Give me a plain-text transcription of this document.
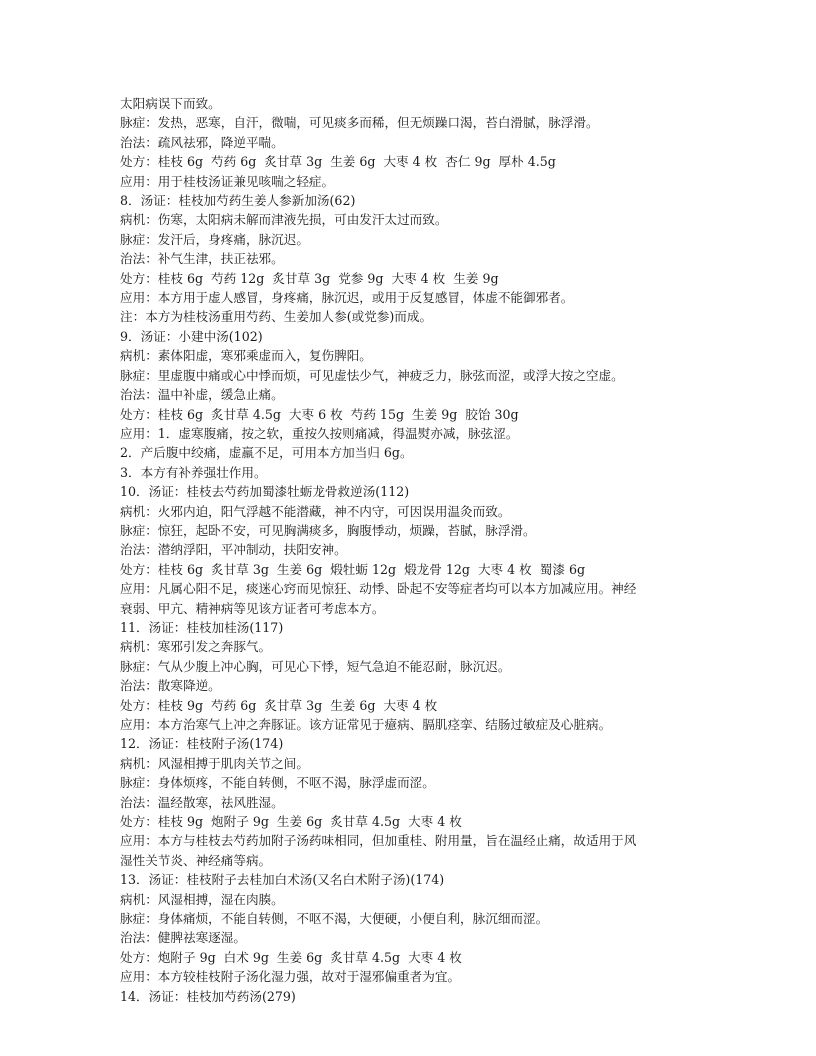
太阳病误下而致。
脉症：发热，恶寒，自汗，微喘，可见痰多而稀，但无烦躁口渴，苔白滑腻，脉浮滑。
治法：疏风祛邪，降逆平喘。
处方：桂枝 6g  芍药 6g  炙甘草 3g  生姜 6g  大枣 4 枚  杏仁 9g  厚朴 4.5g
应用：用于桂枝汤证兼见咳喘之轻症。
8．汤证：桂枝加芍药生姜人参新加汤(62)
病机：伤寒，太阳病未解而津液先损，可由发汗太过而致。
脉症：发汗后，身疼痛，脉沉迟。
治法：补气生津，扶正祛邪。
处方：桂枝 6g  芍药 12g  炙甘草 3g  党参 9g  大枣 4 枚  生姜 9g
应用：本方用于虚人感冒，身疼痛，脉沉迟，或用于反复感冒，体虚不能御邪者。
注：本方为桂枝汤重用芍药、生姜加人参(或党参)而成。
9．汤证：小建中汤(102)
病机：素体阳虚，寒邪乘虚而入，复伤脾阳。
脉症：里虚腹中痛或心中悸而烦，可见虚怯少气，神疲乏力，脉弦而涩，或浮大按之空虚。
治法：温中补虚，缓急止痛。
处方：桂枝 6g  炙甘草 4.5g  大枣 6 枚  芍药 15g  生姜 9g  胶饴 30g
应用：1．虚寒腹痛，按之软，重按久按则痛减，得温熨亦减，脉弦涩。
2．产后腹中绞痛，虚羸不足，可用本方加当归 6g。
3．本方有补养强壮作用。
10．汤证：桂枝去芍药加蜀漆牡蛎龙骨救逆汤(112)
病机：火邪内迫，阳气浮越不能潜藏，神不内守，可因误用温灸而致。
脉症：惊狂，起卧不安，可见胸满痰多，胸腹悸动，烦躁，苔腻，脉浮滑。
治法：潜纳浮阳，平冲制动，扶阳安神。
处方：桂枝 6g  炙甘草 3g  生姜 6g  煅牡蛎 12g  煅龙骨 12g  大枣 4 枚  蜀漆 6g
应用：凡属心阳不足，痰迷心窍而见惊狂、动悸、卧起不安等症者均可以本方加减应用。神经
衰弱、甲亢、精神病等见该方证者可考虑本方。
11．汤证：桂枝加桂汤(117)
病机：寒邪引发之奔豚气。
脉症：气从少腹上冲心胸，可见心下悸，短气急迫不能忍耐，脉沉迟。
治法：散寒降逆。
处方：桂枝 9g  芍药 6g  炙甘草 3g  生姜 6g  大枣 4 枚
应用：本方治寒气上冲之奔豚证。该方证常见于癔病、膈肌痉挛、结肠过敏症及心脏病。
12．汤证：桂枝附子汤(174)
病机：风湿相搏于肌肉关节之间。
脉症：身体烦疼，不能自转侧，不呕不渴，脉浮虚而涩。
治法：温经散寒，祛风胜湿。
处方：桂枝 9g  炮附子 9g  生姜 6g  炙甘草 4.5g  大枣 4 枚
应用：本方与桂枝去芍药加附子汤药味相同，但加重桂、附用量，旨在温经止痛，故适用于风
湿性关节炎、神经痛等病。
13．汤证：桂枝附子去桂加白术汤(又名白术附子汤)(174)
病机：风湿相搏，湿在肉腠。
脉症：身体痛烦，不能自转侧，不呕不渴，大便硬，小便自利，脉沉细而涩。
治法：健脾祛寒逐湿。
处方：炮附子 9g  白术 9g  生姜 6g  炙甘草 4.5g  大枣 4 枚
应用：本方较桂枝附子汤化湿力强，故对于湿邪偏重者为宜。
14．汤证：桂枝加芍药汤(279)
